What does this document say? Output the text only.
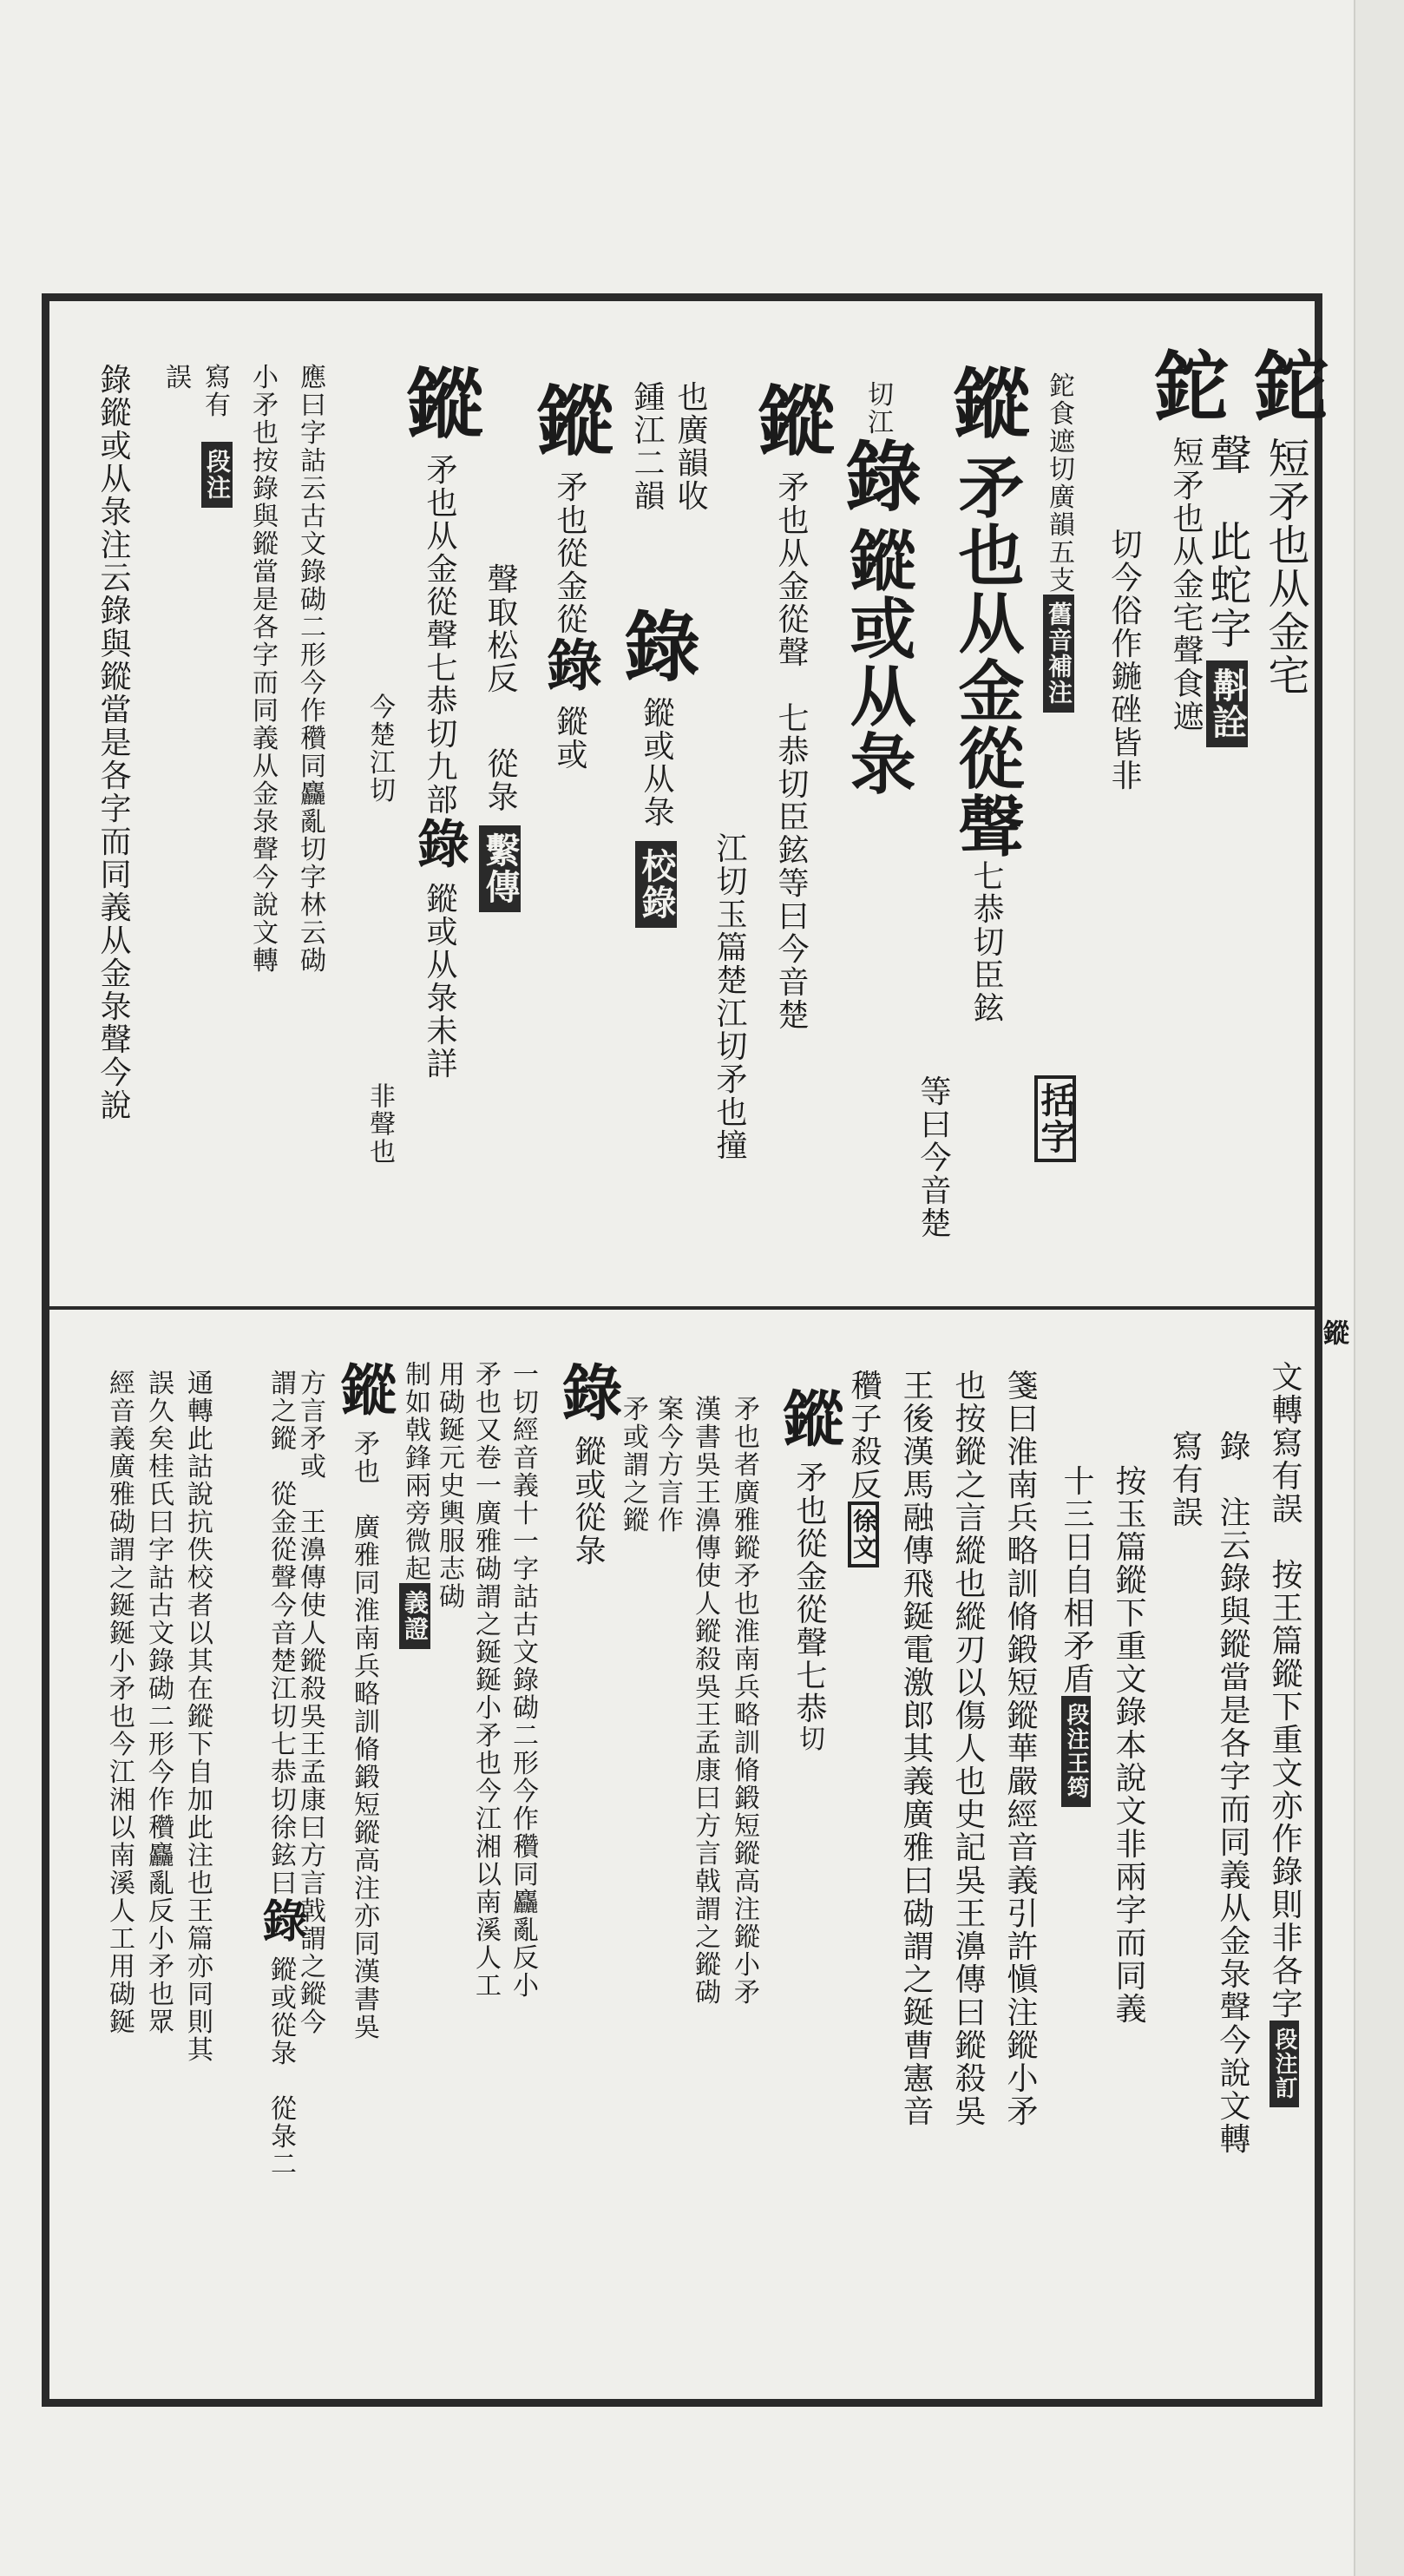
鏦

鉈短矛也从金宅

聲　此蛇字斠詮

鉈短矛也从金宅聲食遮

切今俗作鍦䂳皆非

括字

鉈食遮切廣韻五支舊音補注

鏦矛也从金從聲七恭切臣鉉

等曰今音楚

切江錄鏦或从彔

鏦矛也从金從聲　七恭切臣鉉等曰今音楚

江切玉篇楚江切矛也撞

也廣韻收

錄鏦或从彔校錄

鍾江二韻

鏦矛也從金從錄鏦或

聲取松反從彔繫傳

鏦矛也从金從聲七恭切九部錄鏦或从彔未詳

今楚江切非聲也

應曰字詁云古文錄䂶二形今作穳同麤亂切字林云䂶

小矛也按錄與鏦當是各字而同義从金彔聲今說文轉

寫有

段注

誤

錄鏦或从彔注云錄與鏦當是各字而同義从金彔聲今說

文轉寫有誤　按王篇鏦下重文亦作錄則非各字段注訂

錄　注云錄與鏦當是各字而同義从金彔聲今說文轉

寫有誤

按玉篇鏦下重文錄本說文非兩字而同義

十三日自相矛盾段注王筠

箋曰淮南兵略訓脩鍛短鏦華嚴經音義引許愼注鏦小矛

也按鏦之言縱也縱刃以傷人也史記吳王濞傳曰鏦殺吳

王後漢馬融傳飛鋋電激郎其義廣雅曰䂶謂之鋋曹憲音

穳子殺反徐文

鏦矛也從金從聲七恭切

矛也者廣雅鏦矛也淮南兵略訓脩鍛短鏦高注鏦小矛

漢書吳王濞傳使人鏦殺吳王孟康曰方言戟謂之鏦䂶

案今方言作

矛或謂之鏦

錄鏦或從彔

一切經音義十一字詁古文錄䂶二形今作穳同麤亂反小

矛也又卷一廣雅䂶謂之鋋鋋小矛也今江湘以南溪人工

用䂶鋋元史輿服志䂶

制如戟鋒兩旁微起義證

鏦矛也　廣雅同淮南兵略訓脩鍛短鏦高注亦同漢書吳

方言矛或　王濞傳使人鏦殺吳王孟康曰方言戟謂之鏦今

謂之鏦　從金從聲今音楚江切七恭切徐鉉曰錄鏦或從彔　從彔二

通轉此詁說抗佚校者以其在鏦下自加此注也王篇亦同則其

誤久矣桂氏曰字詁古文錄䂶二形今作穳麤亂反小矛也眾

經音義廣雅䂶謂之鋋鋋小矛也今江湘以南溪人工用䂶鋋
